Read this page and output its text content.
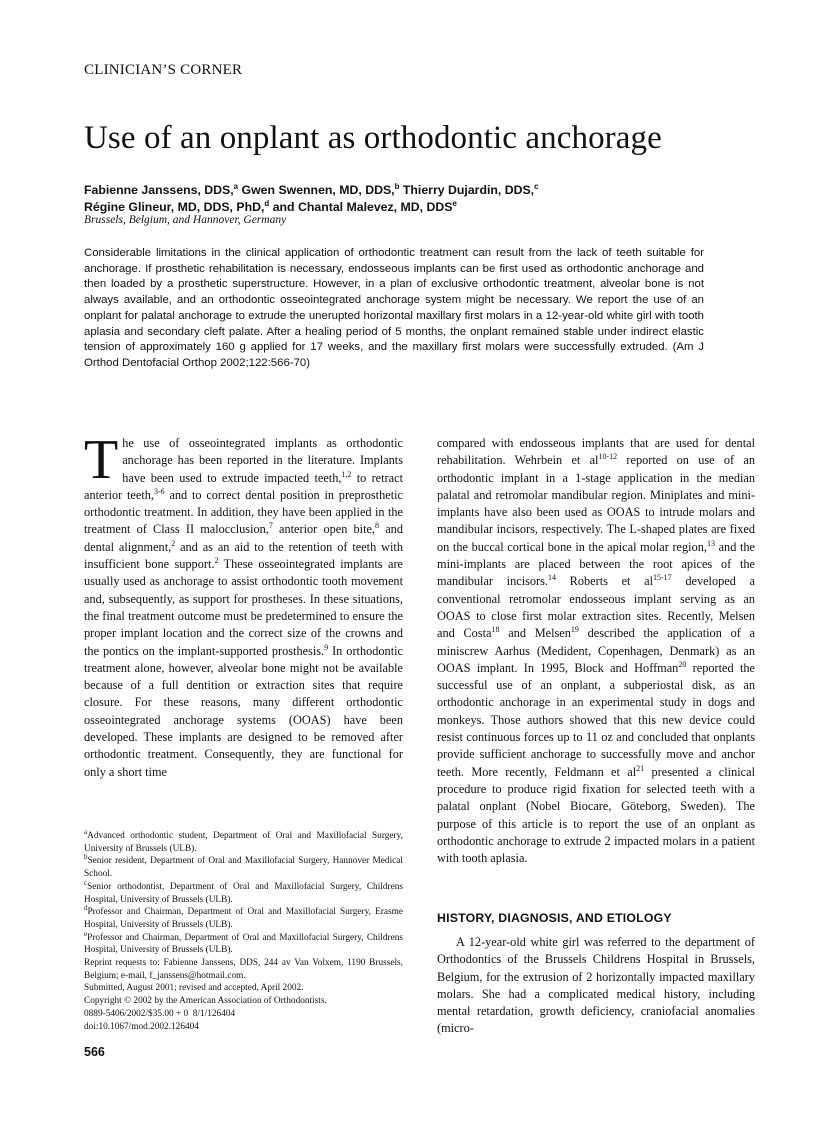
CLINICIAN’S CORNER
Use of an onplant as orthodontic anchorage
Fabienne Janssens, DDS,$^a$ Gwen Swennen, MD, DDS,$^b$ Thierry Dujardin, DDS,$^c$
Régine Glineur, MD, DDS, PhD,$^d$ and Chantal Malevez, MD, DDS$^e$
Brussels, Belgium, and Hannover, Germany
Considerable limitations in the clinical application of orthodontic treatment can result from the lack of teeth suitable for anchorage. If prosthetic rehabilitation is necessary, endosseous implants can be first used as orthodontic anchorage and then loaded by a prosthetic superstructure. However, in a plan of exclusive orthodontic treatment, alveolar bone is not always available, and an orthodontic osseointegrated anchorage system might be necessary. We report the use of an onplant for palatal anchorage to extrude the unerupted horizontal maxillary first molars in a 12-year-old white girl with tooth aplasia and secondary cleft palate. After a healing period of 5 months, the onplant remained stable under indirect elastic tension of approximately 160 g applied for 17 weeks, and the maxillary first molars were successfully extruded. (Am J Orthod Dentofacial Orthop 2002;122:566-70)
T he use of osseointegrated implants as orthodontic anchorage has been reported in the literature. Implants have been used to extrude impacted teeth,$^{1,2}$ to retract anterior teeth,$^{3-6}$ and to correct dental position in preprosthetic orthodontic treatment. In addition, they have been applied in the treatment of Class II malocclusion,$^7$ anterior open bite,$^8$ and dental alignment,$^2$ and as an aid to the retention of teeth with insufficient bone support.$^2$ These osseointegrated implants are usually used as anchorage to assist orthodontic tooth movement and, subsequently, as support for prostheses. In these situations, the final treatment outcome must be predetermined to ensure the proper implant location and the correct size of the crowns and the pontics on the implant-supported prosthesis.$^9$ In orthodontic treatment alone, however, alveolar bone might not be available because of a full dentition or extraction sites that require closure. For these reasons, many different orthodontic osseointegrated anchorage systems (OOAS) have been developed. These implants are designed to be removed after orthodontic treatment. Consequently, they are functional for only a short time
compared with endosseous implants that are used for dental rehabilitation. Wehrbein et $al^{10-12}$ reported on use of an orthodontic implant in a 1-stage application in the median palatal and retromolar mandibular region. Miniplates and mini-implants have also been used as OOAS to intrude molars and mandibular incisors, respectively. The L-shaped plates are fixed on the buccal cortical bone in the apical molar region,$^{13}$ and the mini-implants are placed between the root apices of the mandibular incisors.$^{14}$ Roberts et $al^{15-17}$ developed a conventional retromolar endosseous implant serving as an OOAS to close first molar extraction sites. Recently, Melsen and Costa$^{18}$ and Melsen$^{19}$ described the application of a miniscrew Aarhus (Medident, Copenhagen, Denmark) as an OOAS implant. In 1995, Block and Hoffman$^{20}$ reported the successful use of an onplant, a subperiostal disk, as an orthodontic anchorage in an experimental study in dogs and monkeys. Those authors showed that this new device could resist continuous forces up to 11 oz and concluded that onplants provide sufficient anchorage to successfully move and anchor teeth. More recently, Feldmann et $al^{21}$ presented a clinical procedure to produce rigid fixation for selected teeth with a palatal onplant (Nobel Biocare, Göteborg, Sweden). The purpose of this article is to report the use of an onplant as orthodontic anchorage to extrude 2 impacted molars in a patient with tooth aplasia.

$^a$Advanced orthodontic student, Department of Oral and Maxillofacial Surgery, University of Brussels (ULB).

$^b$Senior resident, Department of Oral and Maxillofacial Surgery, Hannover Medical School.

$^c$Senior orthodontist, Department of Oral and Maxillofacial Surgery, Childrens Hospital, University of Brussels (ULB).

$^d$Professor and Chairman, Department of Oral and Maxillofacial Surgery, Erasme Hospital, University of Brussels (ULB).

$^e$Professor and Chairman, Department of Oral and Maxillofacial Surgery, Childrens Hospital, University of Brussels (ULB).

Reprint requests to: Fabienne Janssens, DDS, 244 av Van Volxem, 1190 Brussels, Belgium; e-mail, f_janssens@hotmail.com.

Submitted, August 2001; revised and accepted, April 2002.

Copyright © 2002 by the American Association of Orthodontists.

0889-5406/2002/$35.00 + 0  8/1/126404

doi:10.1067/mod.2002.126404

HISTORY, DIAGNOSIS, AND ETIOLOGY
A 12-year-old white girl was referred to the department of Orthodontics of the Brussels Childrens Hospital in Brussels, Belgium, for the extrusion of 2 horizontally impacted maxillary molars. She had a complicated medical history, including mental retardation, growth deficiency, craniofacial anomalies (micro-
566
